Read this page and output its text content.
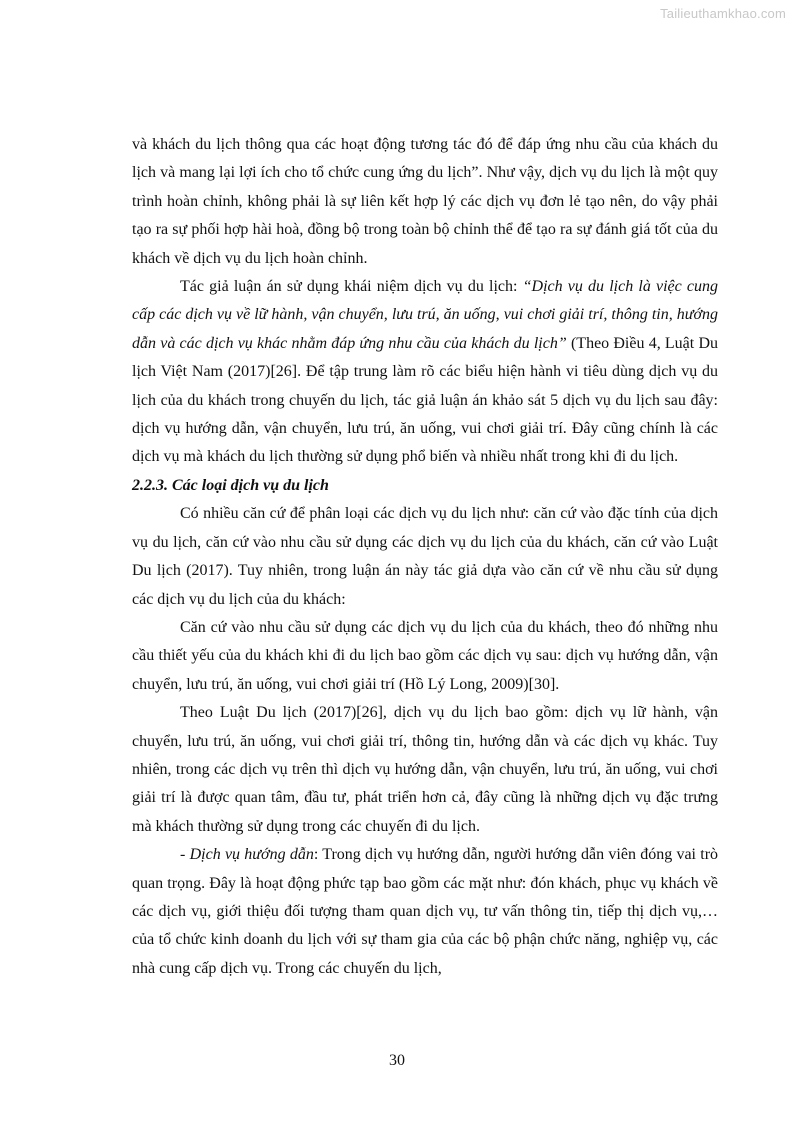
Tailieuthamkhao.com

và khách du lịch thông qua các hoạt động tương tác đó để đáp ứng nhu cầu của khách du lịch và mang lại lợi ích cho tổ chức cung ứng du lịch”. Như vậy, dịch vụ du lịch là một quy trình hoàn chỉnh, không phải là sự liên kết hợp lý các dịch vụ đơn lẻ tạo nên, do vậy phải tạo ra sự phối hợp hài hoà, đồng bộ trong toàn bộ chỉnh thể để tạo ra sự đánh giá tốt của du khách về dịch vụ du lịch hoàn chỉnh.

Tác giả luận án sử dụng khái niệm dịch vụ du lịch: “Dịch vụ du lịch là việc cung cấp các dịch vụ về lữ hành, vận chuyển, lưu trú, ăn uống, vui chơi giải trí, thông tin, hướng dẫn và các dịch vụ khác nhằm đáp ứng nhu cầu của khách du lịch” (Theo Điều 4, Luật Du lịch Việt Nam (2017)[26]. Để tập trung làm rõ các biểu hiện hành vi tiêu dùng dịch vụ du lịch của du khách trong chuyến du lịch, tác giả luận án khảo sát 5 dịch vụ du lịch sau đây: dịch vụ hướng dẫn, vận chuyển, lưu trú, ăn uống, vui chơi giải trí. Đây cũng chính là các dịch vụ mà khách du lịch thường sử dụng phổ biến và nhiều nhất trong khi đi du lịch.

2.2.3. Các loại dịch vụ du lịch

Có nhiều căn cứ để phân loại các dịch vụ du lịch như: căn cứ vào đặc tính của dịch vụ du lịch, căn cứ vào nhu cầu sử dụng các dịch vụ du lịch của du khách, căn cứ vào Luật Du lịch (2017). Tuy nhiên, trong luận án này tác giả dựa vào căn cứ về nhu cầu sử dụng các dịch vụ du lịch của du khách:

Căn cứ vào nhu cầu sử dụng các dịch vụ du lịch của du khách, theo đó những nhu cầu thiết yếu của du khách khi đi du lịch bao gồm các dịch vụ sau: dịch vụ hướng dẫn, vận chuyển, lưu trú, ăn uống, vui chơi giải trí (Hồ Lý Long, 2009)[30].

Theo Luật Du lịch (2017)[26], dịch vụ du lịch bao gồm: dịch vụ lữ hành, vận chuyển, lưu trú, ăn uống, vui chơi giải trí, thông tin, hướng dẫn và các dịch vụ khác. Tuy nhiên, trong các dịch vụ trên thì dịch vụ hướng dẫn, vận chuyển, lưu trú, ăn uống, vui chơi giải trí là được quan tâm, đầu tư, phát triển hơn cả, đây cũng là những dịch vụ đặc trưng mà khách thường sử dụng trong các chuyến đi du lịch.

- Dịch vụ hướng dẫn: Trong dịch vụ hướng dẫn, người hướng dẫn viên đóng vai trò quan trọng. Đây là hoạt động phức tạp bao gồm các mặt như: đón khách, phục vụ khách về các dịch vụ, giới thiệu đối tượng tham quan dịch vụ, tư vấn thông tin, tiếp thị dịch vụ,… của tổ chức kinh doanh du lịch với sự tham gia của các bộ phận chức năng, nghiệp vụ, các nhà cung cấp dịch vụ. Trong các chuyến du lịch,

30
